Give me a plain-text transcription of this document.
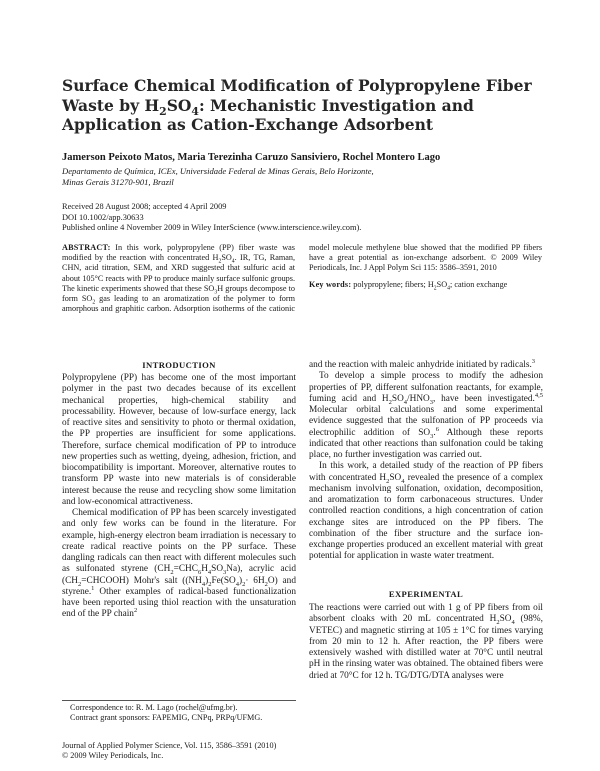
Surface Chemical Modification of Polypropylene Fiber
Waste by $H_2SO_4$: Mechanistic Investigation and
Application as Cation-Exchange Adsorbent
Jamerson Peixoto Matos, Maria Terezinha Caruzo Sansiviero, Rochel Montero Lago
Departamento de Química, ICEx, Universidade Federal de Minas Gerais, Belo Horizonte,
Minas Gerais 31270-901, Brazil
Received 28 August 2008; accepted 4 April 2009
DOI 10.1002/app.30633
Published online 4 November 2009 in Wiley InterScience (www.interscience.wiley.com).

ABSTRACT: In this work, polypropylene (PP) fiber waste was modified by the reaction with concentrated $H_2SO_4$. IR, TG, Raman, CHN, acid titration, SEM, and XRD suggested that sulfuric acid at about 105°C reacts with PP to produce mainly surface sulfonic groups. The kinetic experiments showed that these $SO_3H$ groups decompose to form $SO_2$ gas leading to an aromatization of the polymer to form amorphous and graphitic carbon. Adsorption isotherms of the cationic model molecule methylene blue showed that the modified PP fibers have a great potential as ion-exchange adsorbent. © 2009 Wiley Periodicals, Inc. J Appl Polym Sci 115: 3586–3591, 2010

Key words: polypropylene; fibers; $H_2SO_4$; cation exchange

INTRODUCTION

Polypropylene (PP) has become one of the most important polymer in the past two decades because of its excellent mechanical properties, high-chemical stability and processability. However, because of low-surface energy, lack of reactive sites and sensitivity to photo or thermal oxidation, the PP properties are insufficient for some applications. Therefore, surface chemical modification of PP to introduce new properties such as wetting, dyeing, adhesion, friction, and biocompatibility is important. Moreover, alternative routes to transform PP waste into new materials is of considerable interest because the reuse and recycling show some limitation and low-economical attractiveness.

Chemical modification of PP has been scarcely investigated and only few works can be found in the literature. For example, high-energy electron beam irradiation is necessary to create radical reactive points on the PP surface. These dangling radicals can then react with different molecules such as sulfonated styrene $(CH_2=CHC_6H_4SO_3Na)$, acrylic acid $(CH_2=CHCOOH)$ Mohr's salt $((NH_4)_2Fe(SO_4)_2\cdot 6H_2O)$ and styrene.$^1$ Other examples of radical-based functionalization have been reported using thiol reaction with the unsaturation end of the PP chain$^2$

and the reaction with maleic anhydride initiated by radicals.$^3$

To develop a simple process to modify the adhesion properties of PP, different sulfonation reactants, for example, fuming acid and $H_2SO_4/HNO_3$, have been investigated.$^{4,5}$ Molecular orbital calculations and some experimental evidence suggested that the sulfonation of PP proceeds via electrophilic addition of $SO_3.^6$ Although these reports indicated that other reactions than sulfonation could be taking place, no further investigation was carried out.

In this work, a detailed study of the reaction of PP fibers with concentrated $H_2SO_4$ revealed the presence of a complex mechanism involving sulfonation, oxidation, decomposition, and aromatization to form carbonaceous structures. Under controlled reaction conditions, a high concentration of cation exchange sites are introduced on the PP fibers. The combination of the fiber structure and the surface ion-exchange properties produced an excellent material with great potential for application in waste water treatment.

EXPERIMENTAL

The reactions were carried out with 1 g of PP fibers from oil absorbent cloaks with 20 mL concentrated $H_2SO_4$ (98%, VETEC) and magnetic stirring at 105 ± 1°C for times varying from 20 min to 12 h. After reaction, the PP fibers were extensively washed with distilled water at 70°C until neutral pH in the rinsing water was obtained. The obtained fibers were dried at 70°C for 12 h. TG/DTG/DTA analyses were

Correspondence to: R. M. Lago (rochel@ufmg.br).

Contract grant sponsors: FAPEMIG, CNPq, PRPq/UFMG.

Journal of Applied Polymer Science, Vol. 115, 3586–3591 (2010)
© 2009 Wiley Periodicals, Inc.
